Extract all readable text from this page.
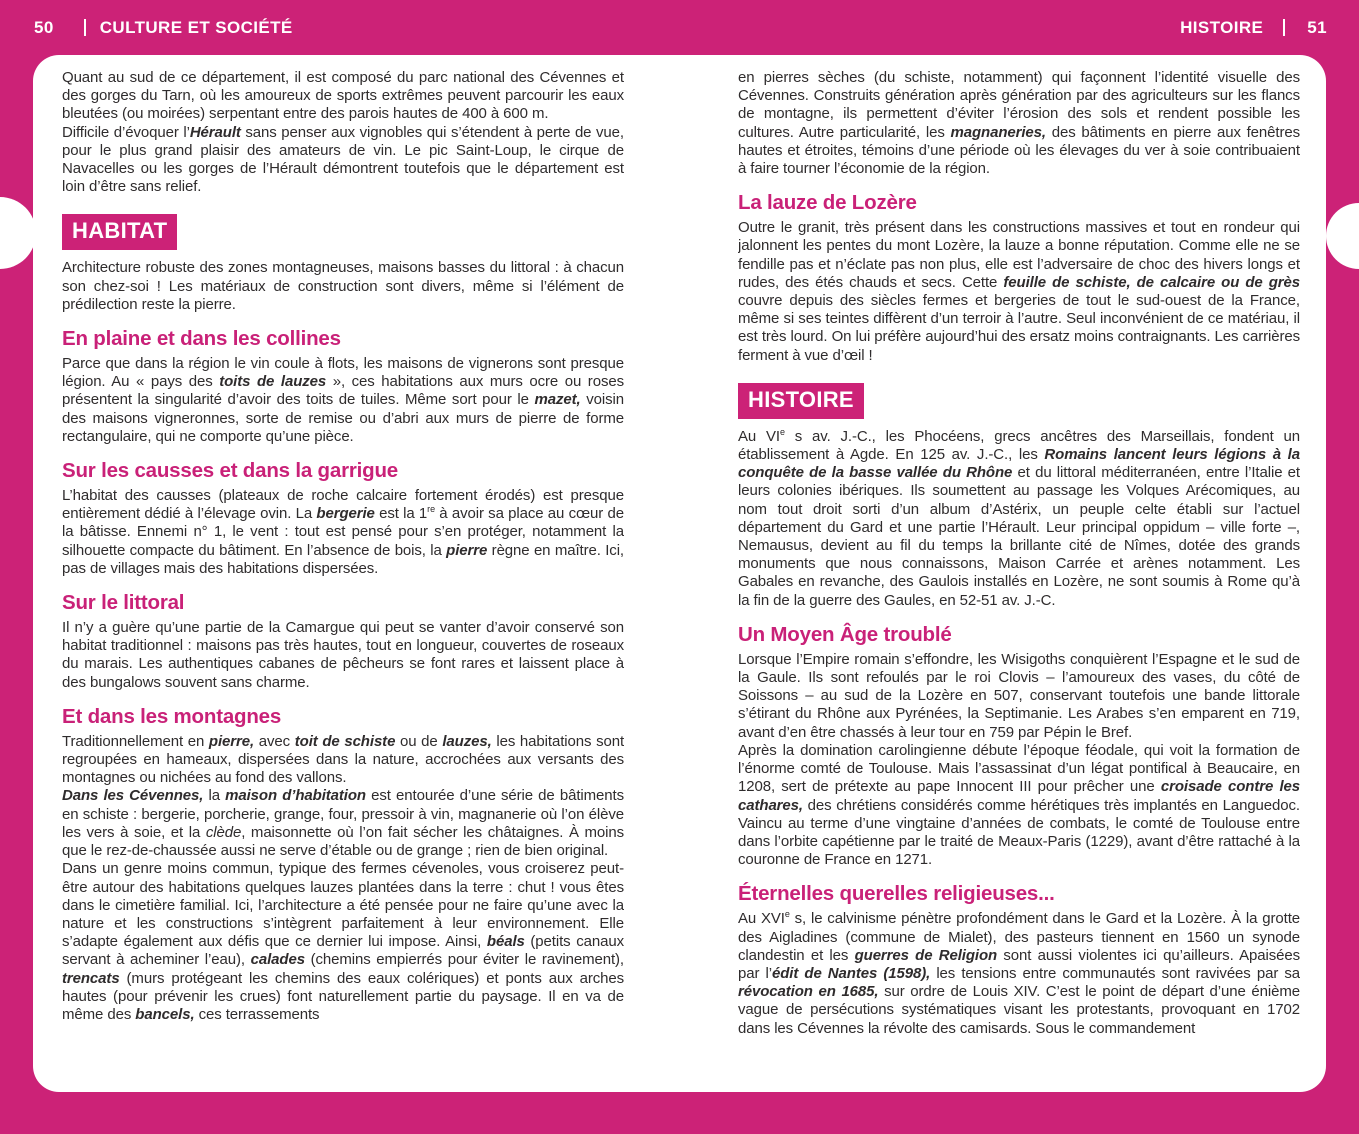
50	CULTURE ET SOCIÉTÉ	HISTOIRE	51

Quant au sud de ce département, il est composé du parc national des Cévennes et des gorges du Tarn, où les amoureux de sports extrêmes peuvent parcourir les eaux bleutées (ou moirées) serpentant entre des parois hautes de 400 à 600 m.

Difficile d’évoquer l’Hérault sans penser aux vignobles qui s’étendent à perte de vue, pour le plus grand plaisir des amateurs de vin. Le pic Saint-Loup, le cirque de Navacelles ou les gorges de l’Hérault démontrent toutefois que le département est loin d’être sans relief.

HABITAT

Architecture robuste des zones montagneuses, maisons basses du littoral : à chacun son chez-soi ! Les matériaux de construction sont divers, même si l’élément de prédilection reste la pierre.

En plaine et dans les collines

Parce que dans la région le vin coule à flots, les maisons de vignerons sont presque légion. Au « pays des toits de lauzes », ces habitations aux murs ocre ou roses présentent la singularité d’avoir des toits de tuiles. Même sort pour le mazet, voisin des maisons vigneronnes, sorte de remise ou d’abri aux murs de pierre de forme rectangulaire, qui ne comporte qu’une pièce.

Sur les causses et dans la garrigue

L’habitat des causses (plateaux de roche calcaire fortement érodés) est presque entièrement dédié à l’élevage ovin. La bergerie est la 1re à avoir sa place au cœur de la bâtisse. Ennemi n° 1, le vent : tout est pensé pour s’en protéger, notamment la silhouette compacte du bâtiment. En l’absence de bois, la pierre règne en maître. Ici, pas de villages mais des habitations dispersées.

Sur le littoral

Il n’y a guère qu’une partie de la Camargue qui peut se vanter d’avoir conservé son habitat traditionnel : maisons pas très hautes, tout en longueur, couvertes de roseaux du marais. Les authentiques cabanes de pêcheurs se font rares et laissent place à des bungalows souvent sans charme.

Et dans les montagnes

Traditionnellement en pierre, avec toit de schiste ou de lauzes, les habitations sont regroupées en hameaux, dispersées dans la nature, accrochées aux versants des montagnes ou nichées au fond des vallons.

Dans les Cévennes, la maison d’habitation est entourée d’une série de bâtiments en schiste : bergerie, porcherie, grange, four, pressoir à vin, magnanerie où l’on élève les vers à soie, et la clède, maisonnette où l’on fait sécher les châtaignes. À moins que le rez-de-chaussée aussi ne serve d’étable ou de grange ; rien de bien original.

Dans un genre moins commun, typique des fermes cévenoles, vous croiserez peut-être autour des habitations quelques lauzes plantées dans la terre : chut ! vous êtes dans le cimetière familial. Ici, l’architecture a été pensée pour ne faire qu’une avec la nature et les constructions s’intègrent parfaitement à leur environnement. Elle s’adapte également aux défis que ce dernier lui impose. Ainsi, béals (petits canaux servant à acheminer l’eau), calades (chemins empierrés pour éviter le ravinement), trencats (murs protégeant les chemins des eaux colériques) et ponts aux arches hautes (pour prévenir les crues) font naturellement partie du paysage. Il en va de même des bancels, ces terrassements

en pierres sèches (du schiste, notamment) qui façonnent l’identité visuelle des Cévennes. Construits génération après génération par des agriculteurs sur les flancs de montagne, ils permettent d’éviter l’érosion des sols et rendent possible les cultures. Autre particularité, les magnaneries, des bâtiments en pierre aux fenêtres hautes et étroites, témoins d’une période où les élevages du ver à soie contribuaient à faire tourner l’économie de la région.

La lauze de Lozère

Outre le granit, très présent dans les constructions massives et tout en rondeur qui jalonnent les pentes du mont Lozère, la lauze a bonne réputation. Comme elle ne se fendille pas et n’éclate pas non plus, elle est l’adversaire de choc des hivers longs et rudes, des étés chauds et secs. Cette feuille de schiste, de calcaire ou de grès couvre depuis des siècles fermes et bergeries de tout le sud-ouest de la France, même si ses teintes diffèrent d’un terroir à l’autre. Seul inconvénient de ce matériau, il est très lourd. On lui préfère aujourd’hui des ersatz moins contraignants. Les carrières ferment à vue d’œil !

HISTOIRE

Au VIe s av. J.-C., les Phocéens, grecs ancêtres des Marseillais, fondent un établissement à Agde. En 125 av. J.-C., les Romains lancent leurs légions à la conquête de la basse vallée du Rhône et du littoral méditerranéen, entre l’Italie et leurs colonies ibériques. Ils soumettent au passage les Volques Arécomiques, au nom tout droit sorti d’un album d’Astérix, un peuple celte établi sur l’actuel département du Gard et une partie l’Hérault. Leur principal oppidum – ville forte –, Nemausus, devient au fil du temps la brillante cité de Nîmes, dotée des grands monuments que nous connaissons, Maison Carrée et arènes notamment. Les Gabales en revanche, des Gaulois installés en Lozère, ne sont soumis à Rome qu’à la fin de la guerre des Gaules, en 52-51 av. J.-C.

Un Moyen Âge troublé

Lorsque l’Empire romain s’effondre, les Wisigoths conquièrent l’Espagne et le sud de la Gaule. Ils sont refoulés par le roi Clovis – l’amoureux des vases, du côté de Soissons – au sud de la Lozère en 507, conservant toutefois une bande littorale s’étirant du Rhône aux Pyrénées, la Septimanie. Les Arabes s’en emparent en 719, avant d’en être chassés à leur tour en 759 par Pépin le Bref.

Après la domination carolingienne débute l’époque féodale, qui voit la formation de l’énorme comté de Toulouse. Mais l’assassinat d’un légat pontifical à Beaucaire, en 1208, sert de prétexte au pape Innocent III pour prêcher une croisade contre les cathares, des chrétiens considérés comme hérétiques très implantés en Languedoc. Vaincu au terme d’une vingtaine d’années de combats, le comté de Toulouse entre dans l’orbite capétienne par le traité de Meaux-Paris (1229), avant d’être rattaché à la couronne de France en 1271.

Éternelles querelles religieuses...

Au XVIe s, le calvinisme pénètre profondément dans le Gard et la Lozère. À la grotte des Aigladines (commune de Mialet), des pasteurs tiennent en 1560 un synode clandestin et les guerres de Religion sont aussi violentes ici qu’ailleurs. Apaisées par l’édit de Nantes (1598), les tensions entre communautés sont ravivées par sa révocation en 1685, sur ordre de Louis XIV. C’est le point de départ d’une énième vague de persécutions systématiques visant les protestants, provoquant en 1702 dans les Cévennes la révolte des camisards. Sous le commandement
